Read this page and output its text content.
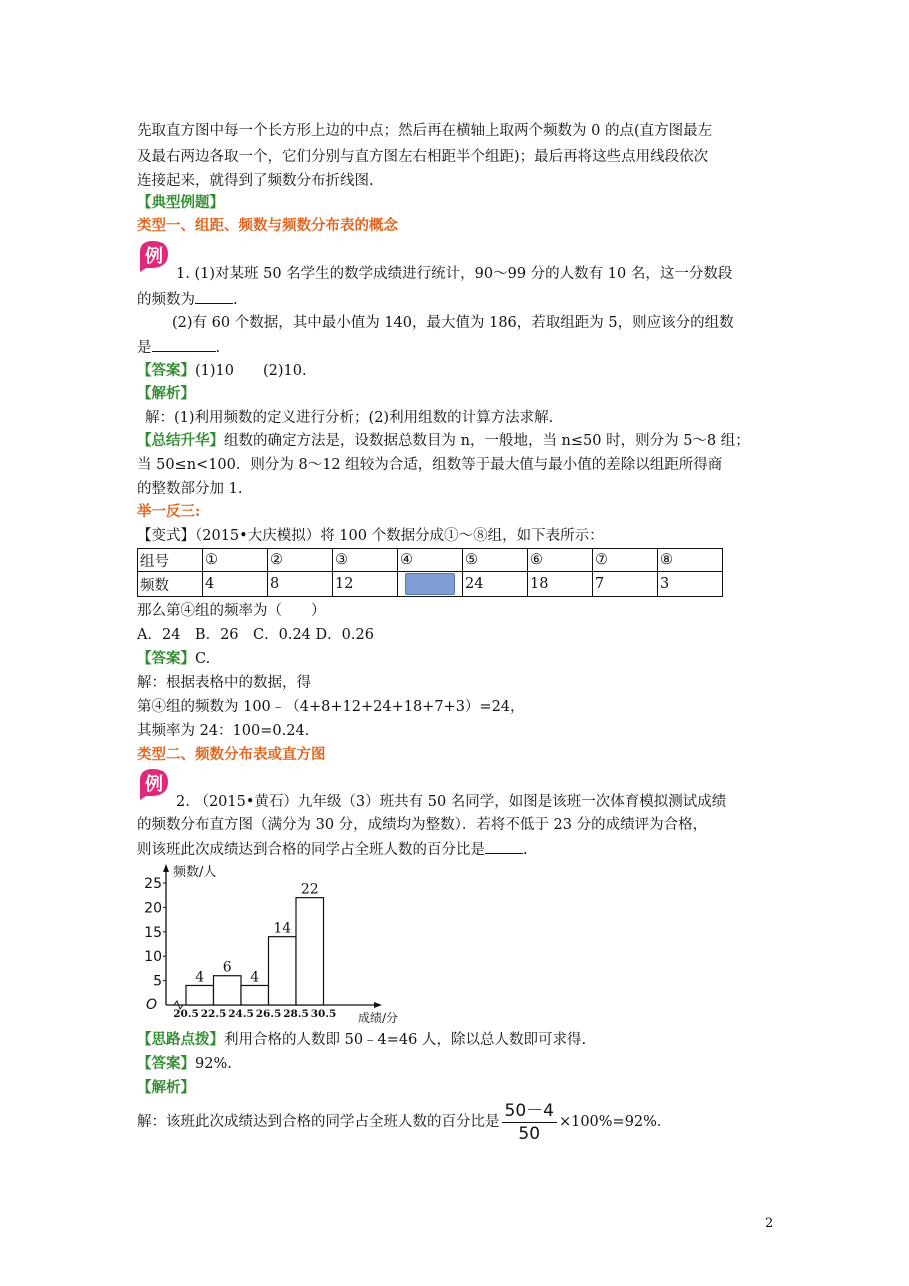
先取直方图中每一个长方形上边的中点；然后再在横轴上取两个频数为 0 的点(直方图最左
及最右两边各取一个，它们分别与直方图左右相距半个组距)；最后再将这些点用线段依次
连接起来，就得到了频数分布折线图.
【典型例题】
类型一、组距、频数与频数分布表的概念
例
1. (1)对某班 50 名学生的数学成绩进行统计，90～99 分的人数有 10 名，这一分数段
的频数为	.
(2)有 60 个数据，其中最小值为 140，最大值为 186，若取组距为 5，则应该分的组数
是	.
【答案】(1)10　　(2)10.
【解析】
解：(1)利用频数的定义进行分析；(2)利用组数的计算方法求解.
【总结升华】组数的确定方法是，设数据总数目为 n，一般地，当 n≤50 时，则分为 5～8 组；
当 50≤n<100．则分为 8～12 组较为合适，组数等于最大值与最小值的差除以组距所得商
的整数部分加 1.
举一反三:
【变式】（2015•大庆模拟）将 100 个数据分成①～⑧组，如下表所示：
组号	①	②	③	④	⑤	⑥	⑦	⑧
频数	4	8	12		24	18	7	3
那么第④组的频率为（　　）
A．24　B．26　C．0.24 D．0.26
【答案】C.
解：根据表格中的数据，得
第④组的频数为 100﹣（4+8+12+24+18+7+3）=24，
其频率为 24：100=0.24.
类型二、频数分布表或直方图
例
2. （2015•黄石）九年级（3）班共有 50 名同学，如图是该班一次体育模拟测试成绩
的频数分布直方图（满分为 30 分，成绩均为整数）．若将不低于 23 分的成绩评为合格，
则该班此次成绩达到合格的同学占全班人数的百分比是	.
频数/人
成绩/分
O
5
10
15
20
25
4
6
4
14
22
20.5 22.5 24.5 26.5 28.5 30.5
【思路点拨】利用合格的人数即 50﹣4=46 人，除以总人数即可求得.
【答案】92%.
【解析】
解：该班此次成绩达到合格的同学占全班人数的百分比是 $\frac{50-4}{50} \times 100\%=92\%$．
2
